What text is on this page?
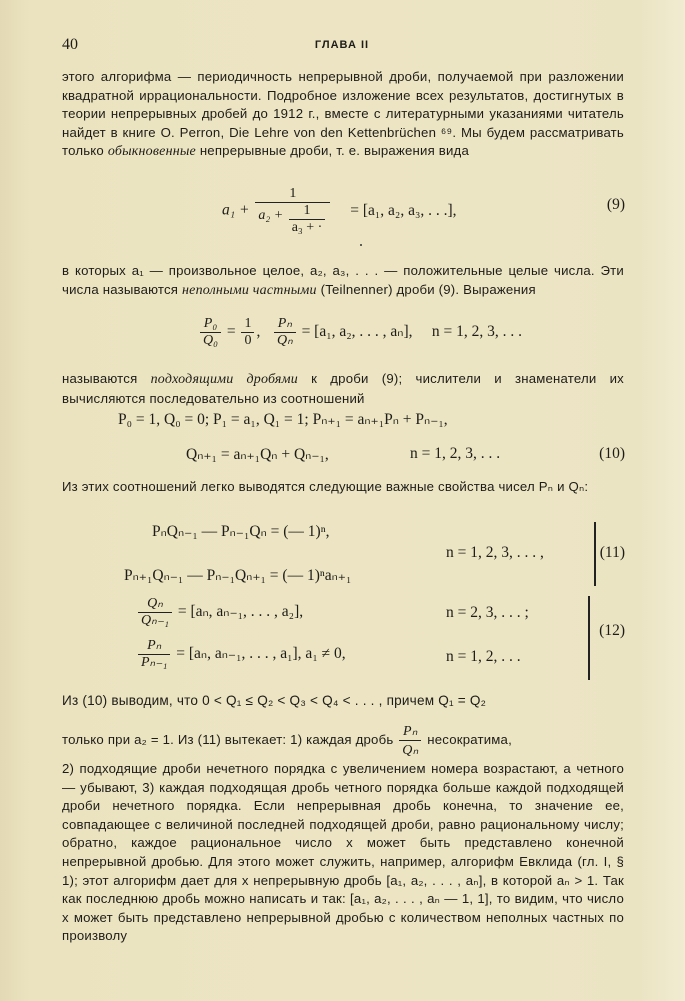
40	ГЛАВА II
этого алгорифма — периодичность непрерывной дроби, получаемой при разложении квадратной иррациональности. Подробное изложение всех результатов, достигнутых в теории непрерывных дробей до 1912 г., вместе с литературными указаниями читатель найдет в книге O. Perron, Die Lehre von den Kettenbrüchen ⁶⁹. Мы будем рассматривать только обыкновенные непрерывные дроби, т. е. выражения вида
$a_1 + \frac{1}{a_2 + \frac{1}{\text{a₃ + ·}}} = [a_1$, a₂, a₃, . . .],	(9)
в которых a₁ — произвольное целое, a₂, a₃, . . . — положительные целые числа. Эти числа называются неполными частными (Teilnenner) дроби (9). Выражения
$\frac{\text{P₀}}{\text{Q₀}} = \frac{1}{0}$ , $\frac{\text{Pₙ}}{\text{Qₙ}} = [a_1$, a₂, . . . , aₙ], n = 1, 2, 3, . . .
называются подходящими дробями к дроби (9); числители и знаменатели их вычисляются последовательно из соотношений
P₀ = 1, Q₀ = 0; P₁ = a₁, Q₁ = 1; Pₙ₊₁ = aₙ₊₁Pₙ + Pₙ₋₁,
Qₙ₊₁ = aₙ₊₁Qₙ + Qₙ₋₁,	n = 1, 2, 3, . . .	(10)
Из этих соотношений легко выводятся следующие важные свойства чисел Pₙ и Qₙ:
PₙQₙ₋₁ — Pₙ₋₁Qₙ = (— 1)ⁿ,
Pₙ₊₁Qₙ₋₁ — Pₙ₋₁Qₙ₊₁ = (— 1)ⁿaₙ₊₁
n = 1, 2, 3, . . . ,	(11)
$\frac{\text{Qₙ}}{\text{Qₙ₋₁}} = [a_n$, aₙ₋₁, . . . , a₂],	n = 2, 3, . . . ;
$\frac{\text{Pₙ}}{\text{Pₙ₋₁}} = [a_n$, aₙ₋₁, . . . , a₁], a₁ ≠ 0,	n = 1, 2, . . .
(12)
Из (10) выводим, что 0 < Q₁ ≤ Q₂ < Q₃ < Q₄ < . . . , причем Q₁ = Q₂
только при a₂ = 1. Из (11) вытекает: 1) каждая дробь $\frac{\text{Pₙ}}{\text{Qₙ}}$ несократима,
2) подходящие дроби нечетного порядка с увеличением номера возрастают, а четного — убывают, 3) каждая подходящая дробь четного порядка больше каждой подходящей дроби нечетного порядка. Если непрерывная дробь конечна, то значение ее, совпадающее с величиной последней подходящей дроби, равно рациональному числу; обратно, каждое рациональное число x может быть представлено конечной непрерывной дробью. Для этого может служить, например, алгорифм Евклида (гл. I, § 1); этот алгорифм дает для x непрерывную дробь [a₁, a₂, . . . , aₙ], в которой aₙ > 1. Так как последнюю дробь можно написать и так: [a₁, a₂, . . . , aₙ — 1, 1], то видим, что число x может быть представлено непрерывной дробью с количеством неполных частных по произволу
